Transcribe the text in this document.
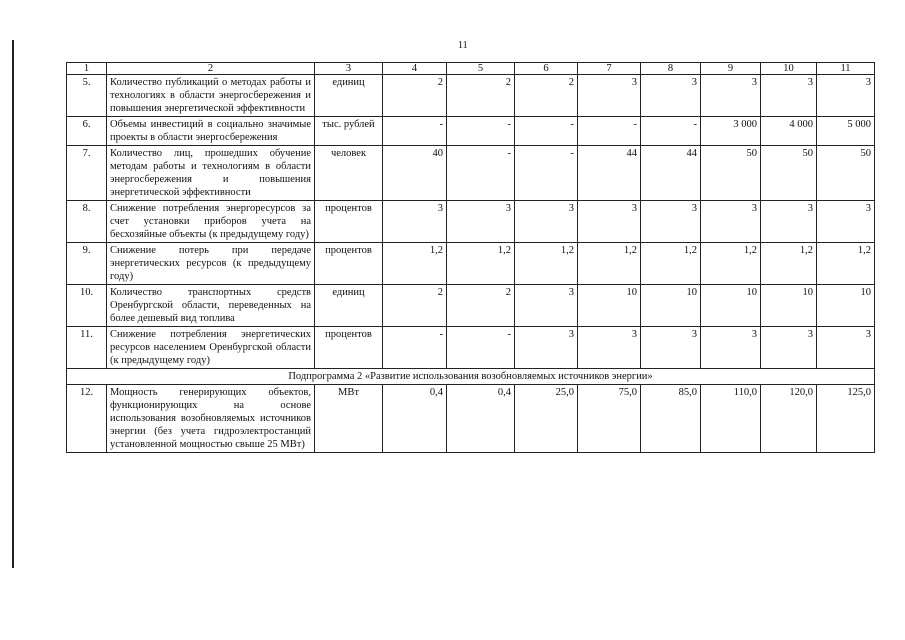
11
1	2	3	4	5	6	7	8	9	10	11
5.	Количество публикаций о методах работы и технологиях в области энергосбережения и повышения энергетической эффективности	единиц	2	2	2	3	3	3	3	3
6.	Объемы инвестиций в социально значимые проекты в области энергосбережения	тыс. рублей	-	-	-	-	-	3 000	4 000	5 000
7.	Количество лиц, прошедших обучение методам работы и технологиям в области энергосбережения и повышения энергетической эффективности	человек	40	-	-	44	44	50	50	50
8.	Снижение потребления энергоресурсов за счет установки приборов учета на бесхозяйные объекты (к предыдущему году)	процентов	3	3	3	3	3	3	3	3
9.	Снижение потерь при передаче энергетических ресурсов (к предыдущему году)	процентов	1,2	1,2	1,2	1,2	1,2	1,2	1,2	1,2
10.	Количество транспортных средств Оренбургской области, переведенных на более дешевый вид топлива	единиц	2	2	3	10	10	10	10	10
11.	Снижение потребления энергетических ресурсов населением Оренбургской области (к предыдущему году)	процентов	-	-	3	3	3	3	3	3
Подпрограмма 2 «Развитие использования возобновляемых источников энергии»										
12.	Мощность генерирующих объектов, функционирующих на основе использования возобновляемых источников энергии (без учета гидроэлектростанций установленной мощностью свыше 25 МВт)	МВт	0,4	0,4	25,0	75,0	85,0	110,0	120,0	125,0
